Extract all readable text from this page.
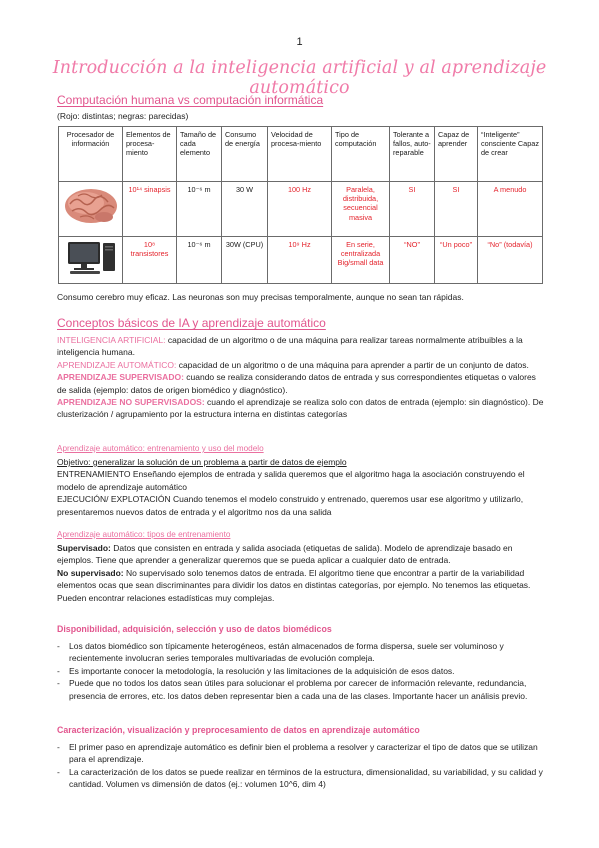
1
Introducción a la inteligencia artificial y al aprendizaje automático
Computación humana vs computación informática
(Rojo: distintas; negras: parecidas)
Procesador de información	Elementos de procesa-miento	Tamaño de cada elemento	Consumo de energía	Velocidad de procesa-miento	Tipo de computación	Tolerante a fallos, auto-reparable	Capaz de aprender	“Inteligente” consciente Capaz de crear
	10¹⁴ sinapsis	10⁻⁶ m	30 W	100 Hz	Paralela, distribuida, secuencial masiva	SI	SI	A menudo
	10⁸ transistores	10⁻⁶ m	30W (CPU)	10⁹ Hz	En serie, centralizada Big/small data	“NO”	“Un poco”	“No” (todavía)
Consumo cerebro muy eficaz. Las neuronas son muy precisas temporalmente, aunque no sean tan rápidas.
Conceptos básicos de IA y aprendizaje automático
INTELIGENCIA ARTIFICIAL: capacidad de un algoritmo o de una máquina para realizar tareas normalmente atribuibles a la inteligencia humana.
APRENDIZAJE AUTOMÁTICO: capacidad de un algoritmo o de una máquina para aprender a partir de un conjunto de datos.
APRENDIZAJE SUPERVISADO: cuando se realiza considerando datos de entrada y sus correspondientes etiquetas o valores de salida (ejemplo: datos de origen biomédico y diagnóstico).
APRENDIZAJE NO SUPERVISADOS: cuando el aprendizaje se realiza solo con datos de entrada (ejemplo: sin diagnóstico). De clusterización / agrupamiento por la estructura interna en distintas categorías
Aprendizaje automático: entrenamiento y uso del modelo
Objetivo: generalizar la solución de un problema a partir de datos de ejemplo
ENTRENAMIENTO Enseñando ejemplos de entrada y salida queremos que el algoritmo haga la asociación construyendo el modelo de aprendizaje automático
EJECUCIÓN/ EXPLOTACIÓN Cuando tenemos el modelo construido y entrenado, queremos usar ese algoritmo y utilizarlo, presentaremos nuevos datos de entrada y el algoritmo nos da una salida
Aprendizaje automático: tipos de entrenamiento
Supervisado: Datos que consisten en entrada y salida asociada (etiquetas de salida). Modelo de aprendizaje basado en ejemplos. Tiene que aprender a generalizar queremos que se pueda aplicar a cualquier dato de entrada.
No supervisado: No supervisado solo tenemos datos de entrada. El algoritmo tiene que encontrar a partir de la variabilidad elementos ocas que sean discriminantes para dividir los datos en distintas categorías, por ejemplo. No tenemos las etiquetas. Pueden encontrar relaciones estadísticas muy complejas.
Disponibilidad, adquisición, selección y uso de datos biomédicos
-	Los datos biomédico son típicamente heterogéneos, están almacenados de forma dispersa, suele ser voluminoso y recientemente involucran series temporales multivariadas de evolución compleja.
-	Es importante conocer la metodología, la resolución y las limitaciones de la adquisición de esos datos.
-	Puede que no todos los datos sean útiles para solucionar el problema por carecer de información relevante, redundancia, presencia de errores, etc. los datos deben representar bien a cada una de las clases. Importante hacer un análisis previo.
Caracterización, visualización y preprocesamiento de datos en aprendizaje automático
-	El primer paso en aprendizaje automático es definir bien el problema a resolver y caracterizar el tipo de datos que se utilizan para el aprendizaje.
-	La caracterización de los datos se puede realizar en términos de la estructura, dimensionalidad, su variabilidad, y su calidad y cantidad. Volumen vs dimensión de datos (ej.: volumen 10^6, dim 4)
